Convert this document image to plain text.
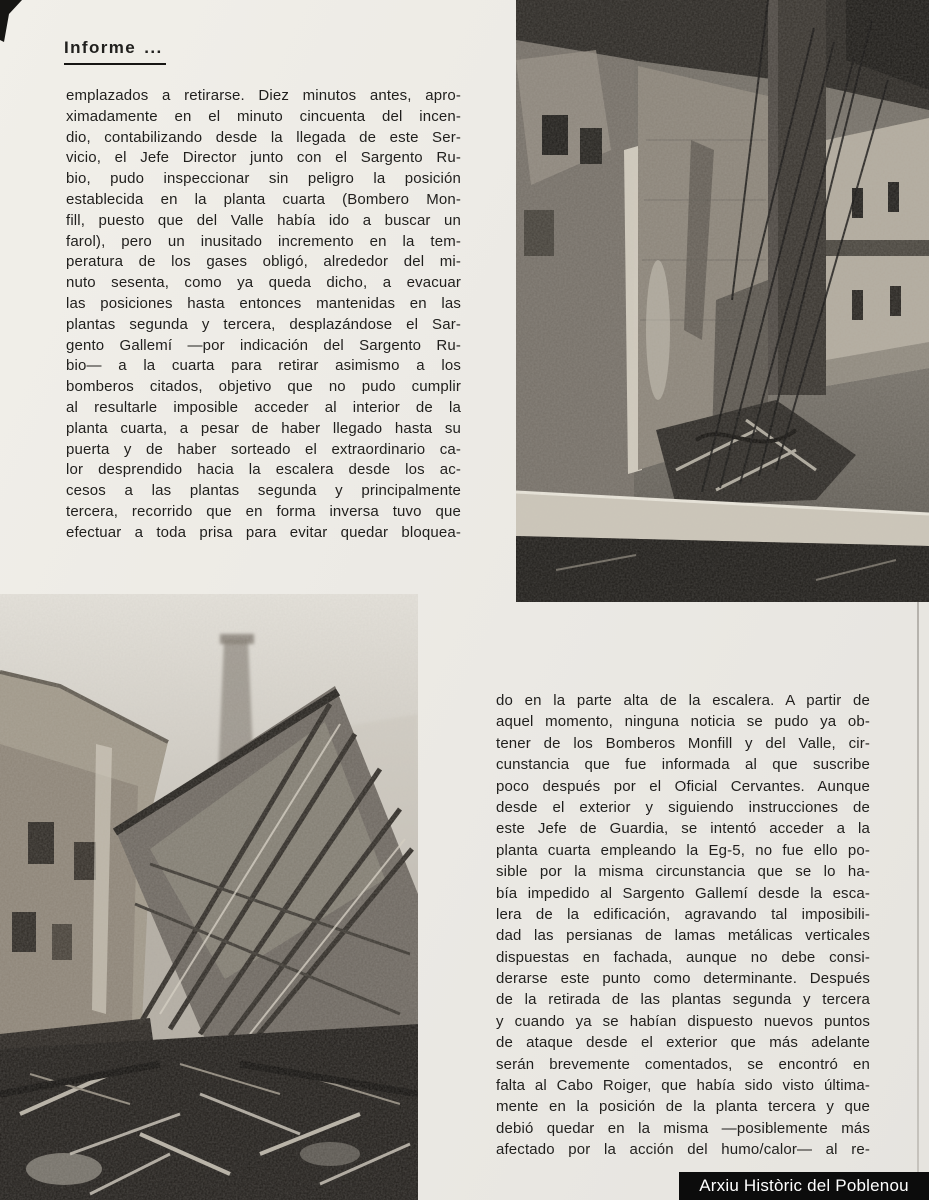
Informe ...
emplazados a retirarse. Diez minutos antes, apro-
ximadamente en el minuto cincuenta del incen-
dio, contabilizando desde la llegada de este Ser-
vicio, el Jefe Director junto con el Sargento Ru-
bio, pudo inspeccionar sin peligro la posición
establecida en la planta cuarta (Bombero Mon-
fill, puesto que del Valle había ido a buscar un
farol), pero un inusitado incremento en la tem-
peratura de los gases obligó, alrededor del mi-
nuto sesenta, como ya queda dicho, a evacuar
las posiciones hasta entonces mantenidas en las
plantas segunda y tercera, desplazándose el Sar-
gento Gallemí —por indicación del Sargento Ru-
bio— a la cuarta para retirar asimismo a los
bomberos citados, objetivo que no pudo cumplir
al resultarle imposible acceder al interior de la
planta cuarta, a pesar de haber llegado hasta su
puerta y de haber sorteado el extraordinario ca-
lor desprendido hacia la escalera desde los ac-
cesos a las plantas segunda y principalmente
tercera, recorrido que en forma inversa tuvo que
efectuar a toda prisa para evitar quedar bloquea-
do en la parte alta de la escalera. A partir de
aquel momento, ninguna noticia se pudo ya ob-
tener de los Bomberos Monfill y del Valle, cir-
cunstancia que fue informada al que suscribe
poco después por el Oficial Cervantes. Aunque
desde el exterior y siguiendo instrucciones de
este Jefe de Guardia, se intentó acceder a la
planta cuarta empleando la Eg-5, no fue ello po-
sible por la misma circunstancia que se lo ha-
bía impedido al Sargento Gallemí desde la esca-
lera de la edificación, agravando tal imposibili-
dad las persianas de lamas metálicas verticales
dispuestas en fachada, aunque no debe consi-
derarse este punto como determinante. Después
de la retirada de las plantas segunda y tercera
y cuando ya se habían dispuesto nuevos puntos
de ataque desde el exterior que más adelante
serán brevemente comentados, se encontró en
falta al Cabo Roiger, que había sido visto última-
mente en la posición de la planta tercera y que
debió quedar en la misma —posiblemente más
afectado por la acción del humo/calor— al re-
Arxiu Històric del Poblenou
